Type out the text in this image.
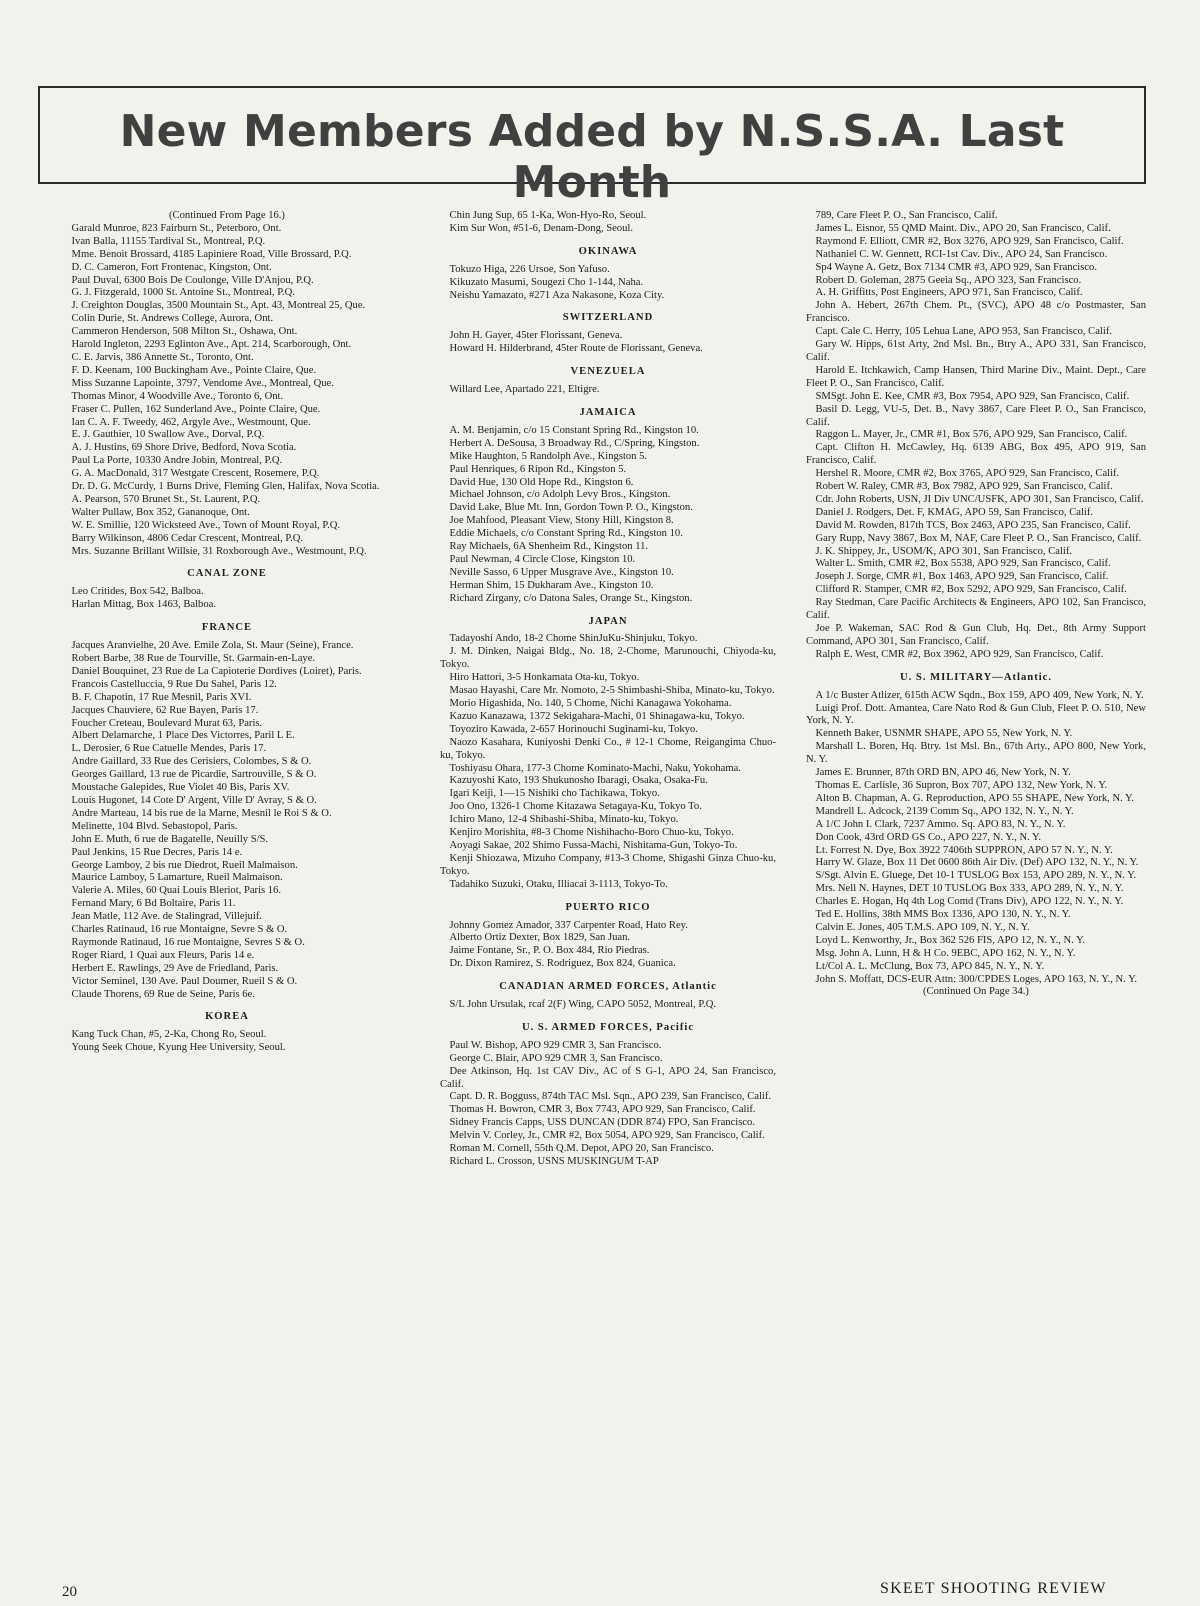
New Members Added by N.S.S.A. Last Month
(Continued From Page 16.)
Garald Munroe, 823 Fairburn St., Peterboro, Ont.
Ivan Balla, 11155 Tardival St., Montreal, P.Q.
Mme. Benoit Brossard, 4185 Lapiniere Road, Ville Brossard, P.Q.
D. C. Cameron, Fort Frontenac, Kingston, Ont.
Paul Duval, 6300 Bois De Coulonge, Ville D'Anjou, P.Q.
G. J. Fitzgerald, 1000 St. Antoine St., Montreal, P.Q.
J. Creighton Douglas, 3500 Mountain St., Apt. 43, Montreal 25, Que.
Colin Durie, St. Andrews College, Aurora, Ont.
Cammeron Henderson, 508 Milton St., Oshawa, Ont.
Harold Ingleton, 2293 Eglinton Ave., Apt. 214, Scarborough, Ont.
C. E. Jarvis, 386 Annette St., Toronto, Ont.
F. D. Keenam, 100 Buckingham Ave., Pointe Claire, Que.
Miss Suzanne Lapointe, 3797, Vendome Ave., Montreal, Que.
Thomas Minor, 4 Woodville Ave., Toronto 6, Ont.
Fraser C. Pullen, 162 Sunderland Ave., Pointe Claire, Que.
Ian C. A. F. Tweedy, 462, Argyle Ave., Westmount, Que.
E. J. Gauthier, 10 Swallow Ave., Dorval, P.Q.
A. J. Hustins, 69 Shore Drive, Bedford, Nova Scotia.
Paul La Porte, 10330 Andre Jobin, Montreal, P.Q.
G. A. MacDonald, 317 Westgate Crescent, Rosemere, P.Q.
Dr. D. G. McCurdy, 1 Burns Drive, Fleming Glen, Halifax, Nova Scotia.
A. Pearson, 570 Brunet St., St. Laurent, P.Q.
Walter Pullaw, Box 352, Gananoque, Ont.
W. E. Smillie, 120 Wicksteed Ave., Town of Mount Royal, P.Q.
Barry Wilkinson, 4806 Cedar Crescent, Montreal, P.Q.
Mrs. Suzanne Brillant Willsie, 31 Roxborough Ave., Westmount, P.Q.
CANAL ZONE
Leo Critides, Box 542, Balboa.
Harlan Mittag, Box 1463, Balboa.
FRANCE
Jacques Aranvielhe, 20 Ave. Emile Zola, St. Maur (Seine), France.
Robert Barbe, 38 Rue de Tourville, St. Garmain-en-Laye.
Daniel Bouquinet, 23 Rue de La Capioterie Dordives (Loiret), Paris.
Francois Castelluccia, 9 Rue Du Sahel, Paris 12.
B. F. Chapotin, 17 Rue Mesnil, Paris XVI.
Jacques Chauviere, 62 Rue Bayen, Paris 17.
Foucher Creteau, Boulevard Murat 63, Paris.
Albert Delamarche, 1 Place Des Victorres, Paril L E.
L. Derosier, 6 Rue Catuelle Mendes, Paris 17.
Andre Gaillard, 33 Rue des Cerisiers, Colombes, S & O.
Georges Gaillard, 13 rue de Picardie, Sartrouville, S & O.
Moustache Galepides, Rue Violet 40 Bis, Paris XV.
Louis Hugonet, 14 Cote D' Argent, Ville D' Avray, S & O.
Andre Marteau, 14 bis rue de la Marne, Mesnil le Roi S & O.
Melinette, 104 Blvd. Sebastopol, Paris.
John E. Muth, 6 rue de Bagatelle, Neuilly S/S.
Paul Jenkins, 15 Rue Decres, Paris 14 e.
George Lamboy, 2 bis rue Diedrot, Rueil Malmaison.
Maurice Lamboy, 5 Lamarture, Rueil Malmaison.
Valerie A. Miles, 60 Quai Louis Bleriot, Paris 16.
Fernand Mary, 6 Bd Boltaire, Paris 11.
Jean Matle, 112 Ave. de Stalingrad, Villejuif.
Charles Ratinaud, 16 rue Montaigne, Sevre S & O.
Raymonde Ratinaud, 16 rue Montaigne, Sevres S & O.
Roger Riard, 1 Quai aux Fleurs, Paris 14 e.
Herbert E. Rawlings, 29 Ave de Friedland, Paris.
Victor Seminel, 130 Ave. Paul Doumer, Rueil S & O.
Claude Thorens, 69 Rue de Seine, Paris 6e.
KOREA
Kang Tuck Chan, #5, 2-Ka, Chong Ro, Seoul.
Young Seek Choue, Kyung Hee University, Seoul.
Chin Jung Sup, 65 1-Ka, Won-Hyo-Ro, Seoul.
Kim Sur Won, #51-6, Denam-Dong, Seoul.
OKINAWA
Tokuzo Higa, 226 Ursoe, Son Yafuso.
Kikuzato Masumi, Sougezi Cho 1-144, Naha.
Neishu Yamazato, #271 Aza Nakasone, Koza City.
SWITZERLAND
John H. Gayer, 45ter Florissant, Geneva.
Howard H. Hilderbrand, 45ter Route de Florissant, Geneva.
VENEZUELA
Willard Lee, Apartado 221, Eltigre.
JAMAICA
A. M. Benjamin, c/o 15 Constant Spring Rd., Kingston 10.
Herbert A. DeSousa, 3 Broadway Rd., C/Spring, Kingston.
Mike Haughton, 5 Randolph Ave., Kingston 5.
Paul Henriques, 6 Ripon Rd., Kingston 5.
David Hue, 130 Old Hope Rd., Kingston 6.
Michael Johnson, c/o Adolph Levy Bros., Kingston.
David Lake, Blue Mt. Inn, Gordon Town P. O., Kingston.
Joe Mahfood, Pleasant View, Stony Hill, Kingston 8.
Eddie Michaels, c/o Constant Spring Rd., Kingston 10.
Ray Michaels, 6A Shenheim Rd., Kingston 11.
Paul Newman, 4 Circle Close, Kingston 10.
Neville Sasso, 6 Upper Musgrave Ave., Kingston 10.
Herman Shim, 15 Dukharam Ave., Kingston 10.
Richard Zirgany, c/o Datona Sales, Orange St., Kingston.
JAPAN
Tadayoshi Ando, 18-2 Chome ShinJuKu-Shinjuku, Tokyo.
J. M. Dinken, Naigai Bldg., No. 18, 2-Chome, Marunouchi, Chiyoda-ku, Tokyo.
Hiro Hattori, 3-5 Honkamata Ota-ku, Tokyo.
Masao Hayashi, Care Mr. Nomoto, 2-5 Shimbashi-Shiba, Minato-ku, Tokyo.
Morio Higashida, No. 140, 5 Chome, Nichi Kanagawa Yokohama.
Kazuo Kanazawa, 1372 Sekigahara-Machi, 01 Shinagawa-ku, Tokyo.
Toyoziro Kawada, 2-657 Horinouchi Suginami-ku, Tokyo.
Naozo Kasahara, Kuniyoshi Denki Co., # 12-1 Chome, Reigangima Chuo-ku, Tokyo.
Toshiyasu Ohara, 177-3 Chome Kominato-Machi, Naku, Yokohama.
Kazuyoshi Kato, 193 Shukunosho Ibaragi, Osaka, Osaka-Fu.
Igari Keiji, 1—15 Nishiki cho Tachikawa, Tokyo.
Joo Ono, 1326-1 Chome Kitazawa Setagaya-Ku, Tokyo To.
Ichiro Mano, 12-4 Shibashi-Shiba, Minato-ku, Tokyo.
Kenjiro Morishita, #8-3 Chome Nishihacho-Boro Chuo-ku, Tokyo.
Aoyagi Sakae, 202 Shimo Fussa-Machi, Nishitama-Gun, Tokyo-To.
Kenji Shiozawa, Mizuho Company, #13-3 Chome, Shigashi Ginza Chuo-ku, Tokyo.
Tadahiko Suzuki, Otaku, Illiacai 3-1113, Tokyo-To.
PUERTO RICO
Johnny Gomez Amador, 337 Carpenter Road, Hato Rey.
Alberto Ortiz Dexter, Box 1829, San Juan.
Jaime Fontane, Sr., P. O. Box 484, Rio Piedras.
Dr. Dixon Ramirez, S. Rodriguez, Box 824, Guanica.
CANADIAN ARMED FORCES, Atlantic
S/L John Ursulak, rcaf 2(F) Wing, CAPO 5052, Montreal, P.Q.
U. S. ARMED FORCES, Pacific
Paul W. Bishop, APO 929 CMR 3, San Francisco.
George C. Blair, APO 929 CMR 3, San Francisco.
Dee Atkinson, Hq. 1st CAV Div., AC of S G-1, APO 24, San Francisco, Calif.
Capt. D. R. Bogguss, 874th TAC Msl. Sqn., APO 239, San Francisco, Calif.
Thomas H. Bowron, CMR 3, Box 7743, APO 929, San Francisco, Calif.
Sidney Francis Capps, USS DUNCAN (DDR 874) FPO, San Francisco.
Melvin V. Corley, Jr., CMR #2, Box 5054, APO 929, San Francisco, Calif.
Roman M. Cornell, 55th Q.M. Depot, APO 20, San Francisco.
Richard L. Crosson, USNS MUSKINGUM T-AP
789, Care Fleet P. O., San Francisco, Calif.
James L. Eisnor, 55 QMD Maint. Div., APO 20, San Francisco, Calif.
Raymond F. Elliott, CMR #2, Box 3276, APO 929, San Francisco, Calif.
Nathaniel C. W. Gennett, RCI-1st Cav. Div., APO 24, San Francisco.
Sp4 Wayne A. Getz, Box 7134 CMR #3, APO 929, San Francisco.
Robert D. Goleman, 2875 Geeia Sq., APO 323, San Francisco.
A. H. Griffitts, Post Engineers, APO 971, San Francisco, Calif.
John A. Hebert, 267th Chem. Pt., (SVC), APO 48 c/o Postmaster, San Francisco.
Capt. Cale C. Herry, 105 Lehua Lane, APO 953, San Francisco, Calif.
Gary W. Hipps, 61st Arty, 2nd Msl. Bn., Btry A., APO 331, San Francisco, Calif.
Harold E. Itchkawich, Camp Hansen, Third Marine Div., Maint. Dept., Care Fleet P. O., San Francisco, Calif.
SMSgt. John E. Kee, CMR #3, Box 7954, APO 929, San Francisco, Calif.
Basil D. Legg, VU-5, Det. B., Navy 3867, Care Fleet P. O., San Francisco, Calif.
Raggon L. Mayer, Jr., CMR #1, Box 576, APO 929, San Francisco, Calif.
Capt. Clifton H. McCawley, Hq. 6139 ABG, Box 495, APO 919, San Francisco, Calif.
Hershel R. Moore, CMR #2, Box 3765, APO 929, San Francisco, Calif.
Robert W. Raley, CMR #3, Box 7982, APO 929, San Francisco, Calif.
Cdr. John Roberts, USN, JI Div UNC/USFK, APO 301, San Francisco, Calif.
Daniel J. Rodgers, Det. F, KMAG, APO 59, San Francisco, Calif.
David M. Rowden, 817th TCS, Box 2463, APO 235, San Francisco, Calif.
Gary Rupp, Navy 3867, Box M, NAF, Care Fleet P. O., San Francisco, Calif.
J. K. Shippey, Jr., USOM/K, APO 301, San Francisco, Calif.
Walter L. Smith, CMR #2, Box 5538, APO 929, San Francisco, Calif.
Joseph J. Sorge, CMR #1, Box 1463, APO 929, San Francisco, Calif.
Clifford R. Stamper, CMR #2, Box 5292, APO 929, San Francisco, Calif.
Ray Stedman, Care Pacific Architects & Engineers, APO 102, San Francisco, Calif.
Joe P. Wakeman, SAC Rod & Gun Club, Hq. Det., 8th Army Support Command, APO 301, San Francisco, Calif.
Ralph E. West, CMR #2, Box 3962, APO 929, San Francisco, Calif.
U. S. MILITARY—Atlantic.
A 1/c Buster Atlizer, 615th ACW Sqdn., Box 159, APO 409, New York, N. Y.
Luigi Prof. Dott. Amantea, Care Nato Rod & Gun Club, Fleet P. O. 510, New York, N. Y.
Kenneth Baker, USNMR SHAPE, APO 55, New York, N. Y.
Marshall L. Boren, Hq. Btry. 1st Msl. Bn., 67th Arty., APO 800, New York, N. Y.
James E. Brunner, 87th ORD BN, APO 46, New York, N. Y.
Thomas E. Carlisle, 36 Supron, Box 707, APO 132, New York, N. Y.
Alton B. Chapman, A. G. Reproduction, APO 55 SHAPE, New York, N. Y.
Mandrell L. Adcock, 2139 Comm Sq., APO 132, N. Y., N. Y.
A 1/C John I. Clark, 7237 Ammo. Sq. APO 83, N. Y., N. Y.
Don Cook, 43rd ORD GS Co., APO 227, N. Y., N. Y.
Lt. Forrest N. Dye, Box 3922 7406th SUPPRON, APO 57 N. Y., N. Y.
Harry W. Glaze, Box 11 Det 0600 86th Air Div. (Def) APO 132, N. Y., N. Y.
S/Sgt. Alvin E. Gluege, Det 10-1 TUSLOG Box 153, APO 289, N. Y., N. Y.
Mrs. Nell N. Haynes, DET 10 TUSLOG Box 333, APO 289, N. Y., N. Y.
Charles E. Hogan, Hq 4th Log Comd (Trans Div), APO 122, N. Y., N. Y.
Ted E. Hollins, 38th MMS Box 1336, APO 130, N. Y., N. Y.
Calvin E. Jones, 405 T.M.S. APO 109, N. Y., N. Y.
Loyd L. Kenworthy, Jr., Box 362 526 FIS, APO 12, N. Y., N. Y.
Msg. John A. Lunn, H & H Co. 9EBC, APO 162, N. Y., N. Y.
Lt/Col A. L. McClung, Box 73, APO 845, N. Y., N. Y.
John S. Moffatt, DCS-EUR Attn: 300/CPDES Loges, APO 163, N. Y., N. Y.
(Continued On Page 34.)
20	SKEET SHOOTING REVIEW
